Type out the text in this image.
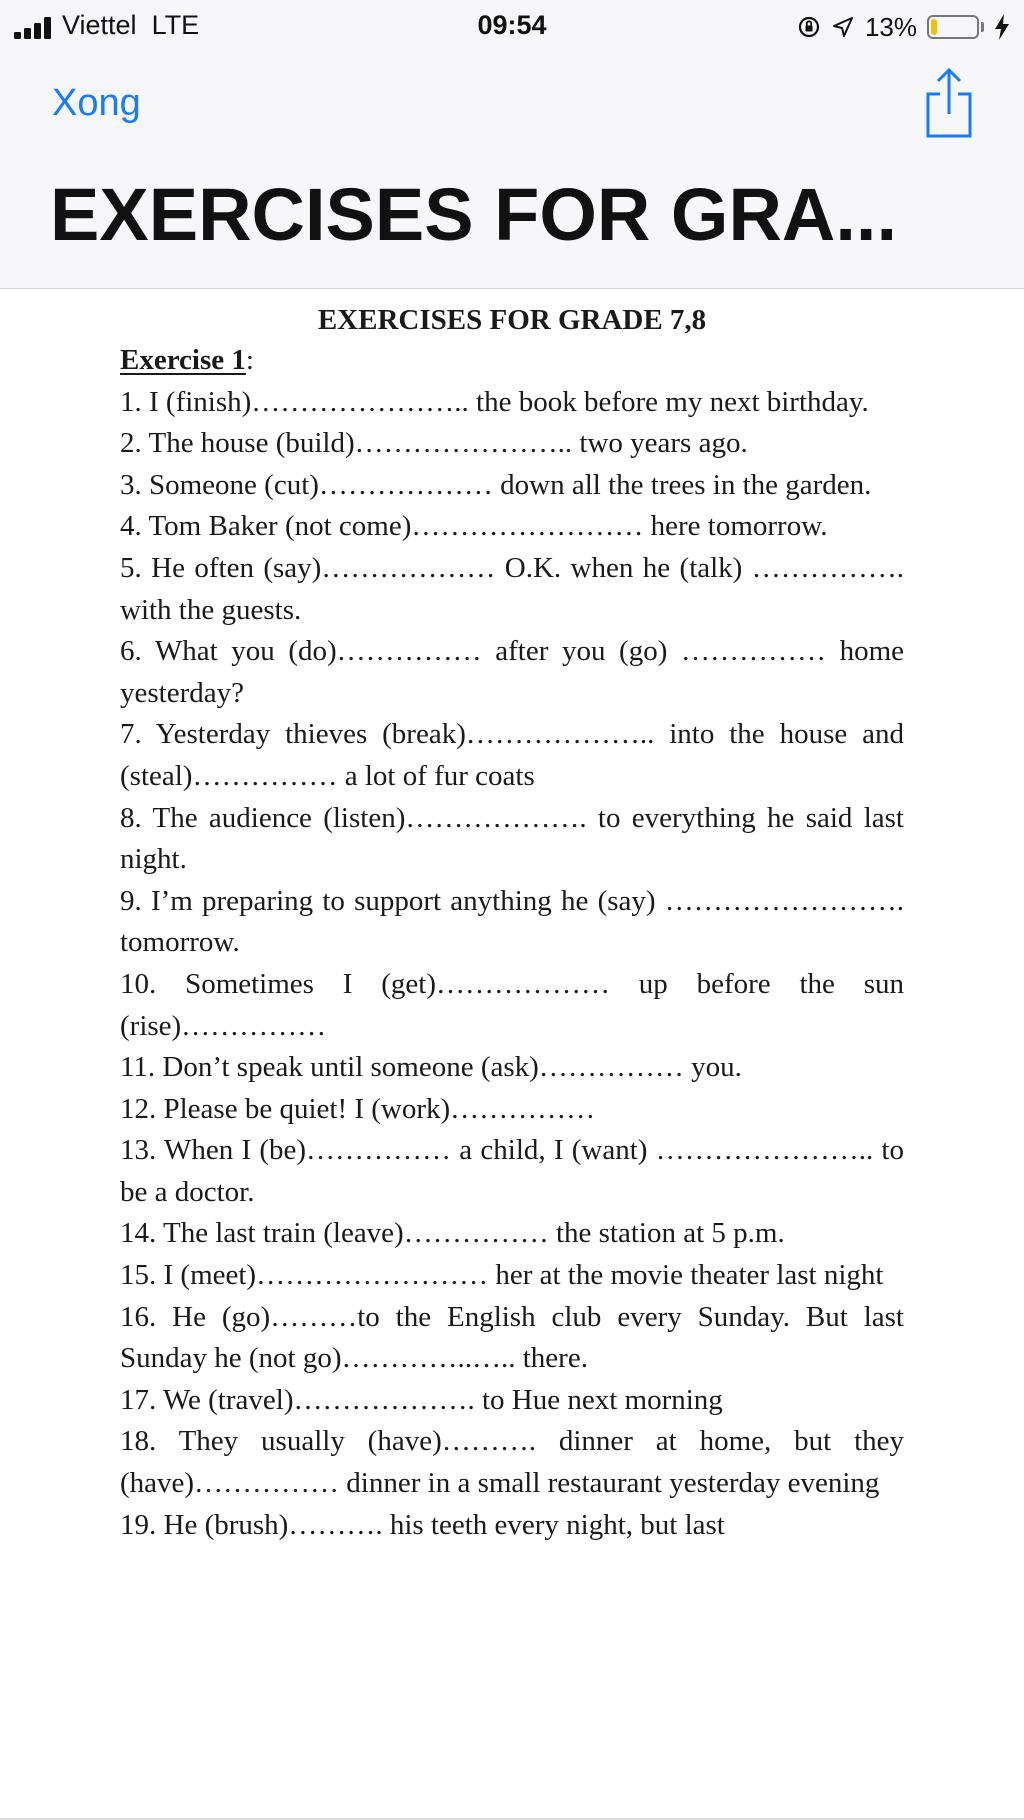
Viettel LTE	09:54	13%
Xong
EXERCISES FOR GRA...

EXERCISES FOR GRADE 7,8

Exercise 1:

1. I (finish)………………….. the book before my next birthday.

2. The house (build)………………….. two years ago.

3. Someone (cut)……………… down all the trees in the garden.

4. Tom Baker (not come)…………………… here tomorrow.

5. He often (say)……………… O.K. when he (talk) ……………. with the guests.

6. What you (do)…………… after you (go) …………… home yesterday?

7. Yesterday thieves (break)……………….. into the house and (steal)…………… a lot of fur coats

8. The audience (listen)………………. to everything he said last night.

9. I’m preparing to support anything he (say) ……………………. tomorrow.

10. Sometimes I (get)……………… up before the sun (rise)……………

11. Don’t speak until someone (ask)…………… you.

12. Please be quiet! I (work)……………

13. When I (be)…………… a child, I (want) ………………….. to be a doctor.

14. The last train (leave)…………… the station at 5 p.m.

15. I (meet)…………………… her at the movie theater last night

16. He (go)………to the English club every Sunday. But last Sunday he (not go)…………..….. there.

17. We (travel)………………. to Hue next morning

18. They usually (have)………. dinner at home, but they (have)…………… dinner in a small restaurant yesterday evening

19. He (brush)………. his teeth every night, but last
